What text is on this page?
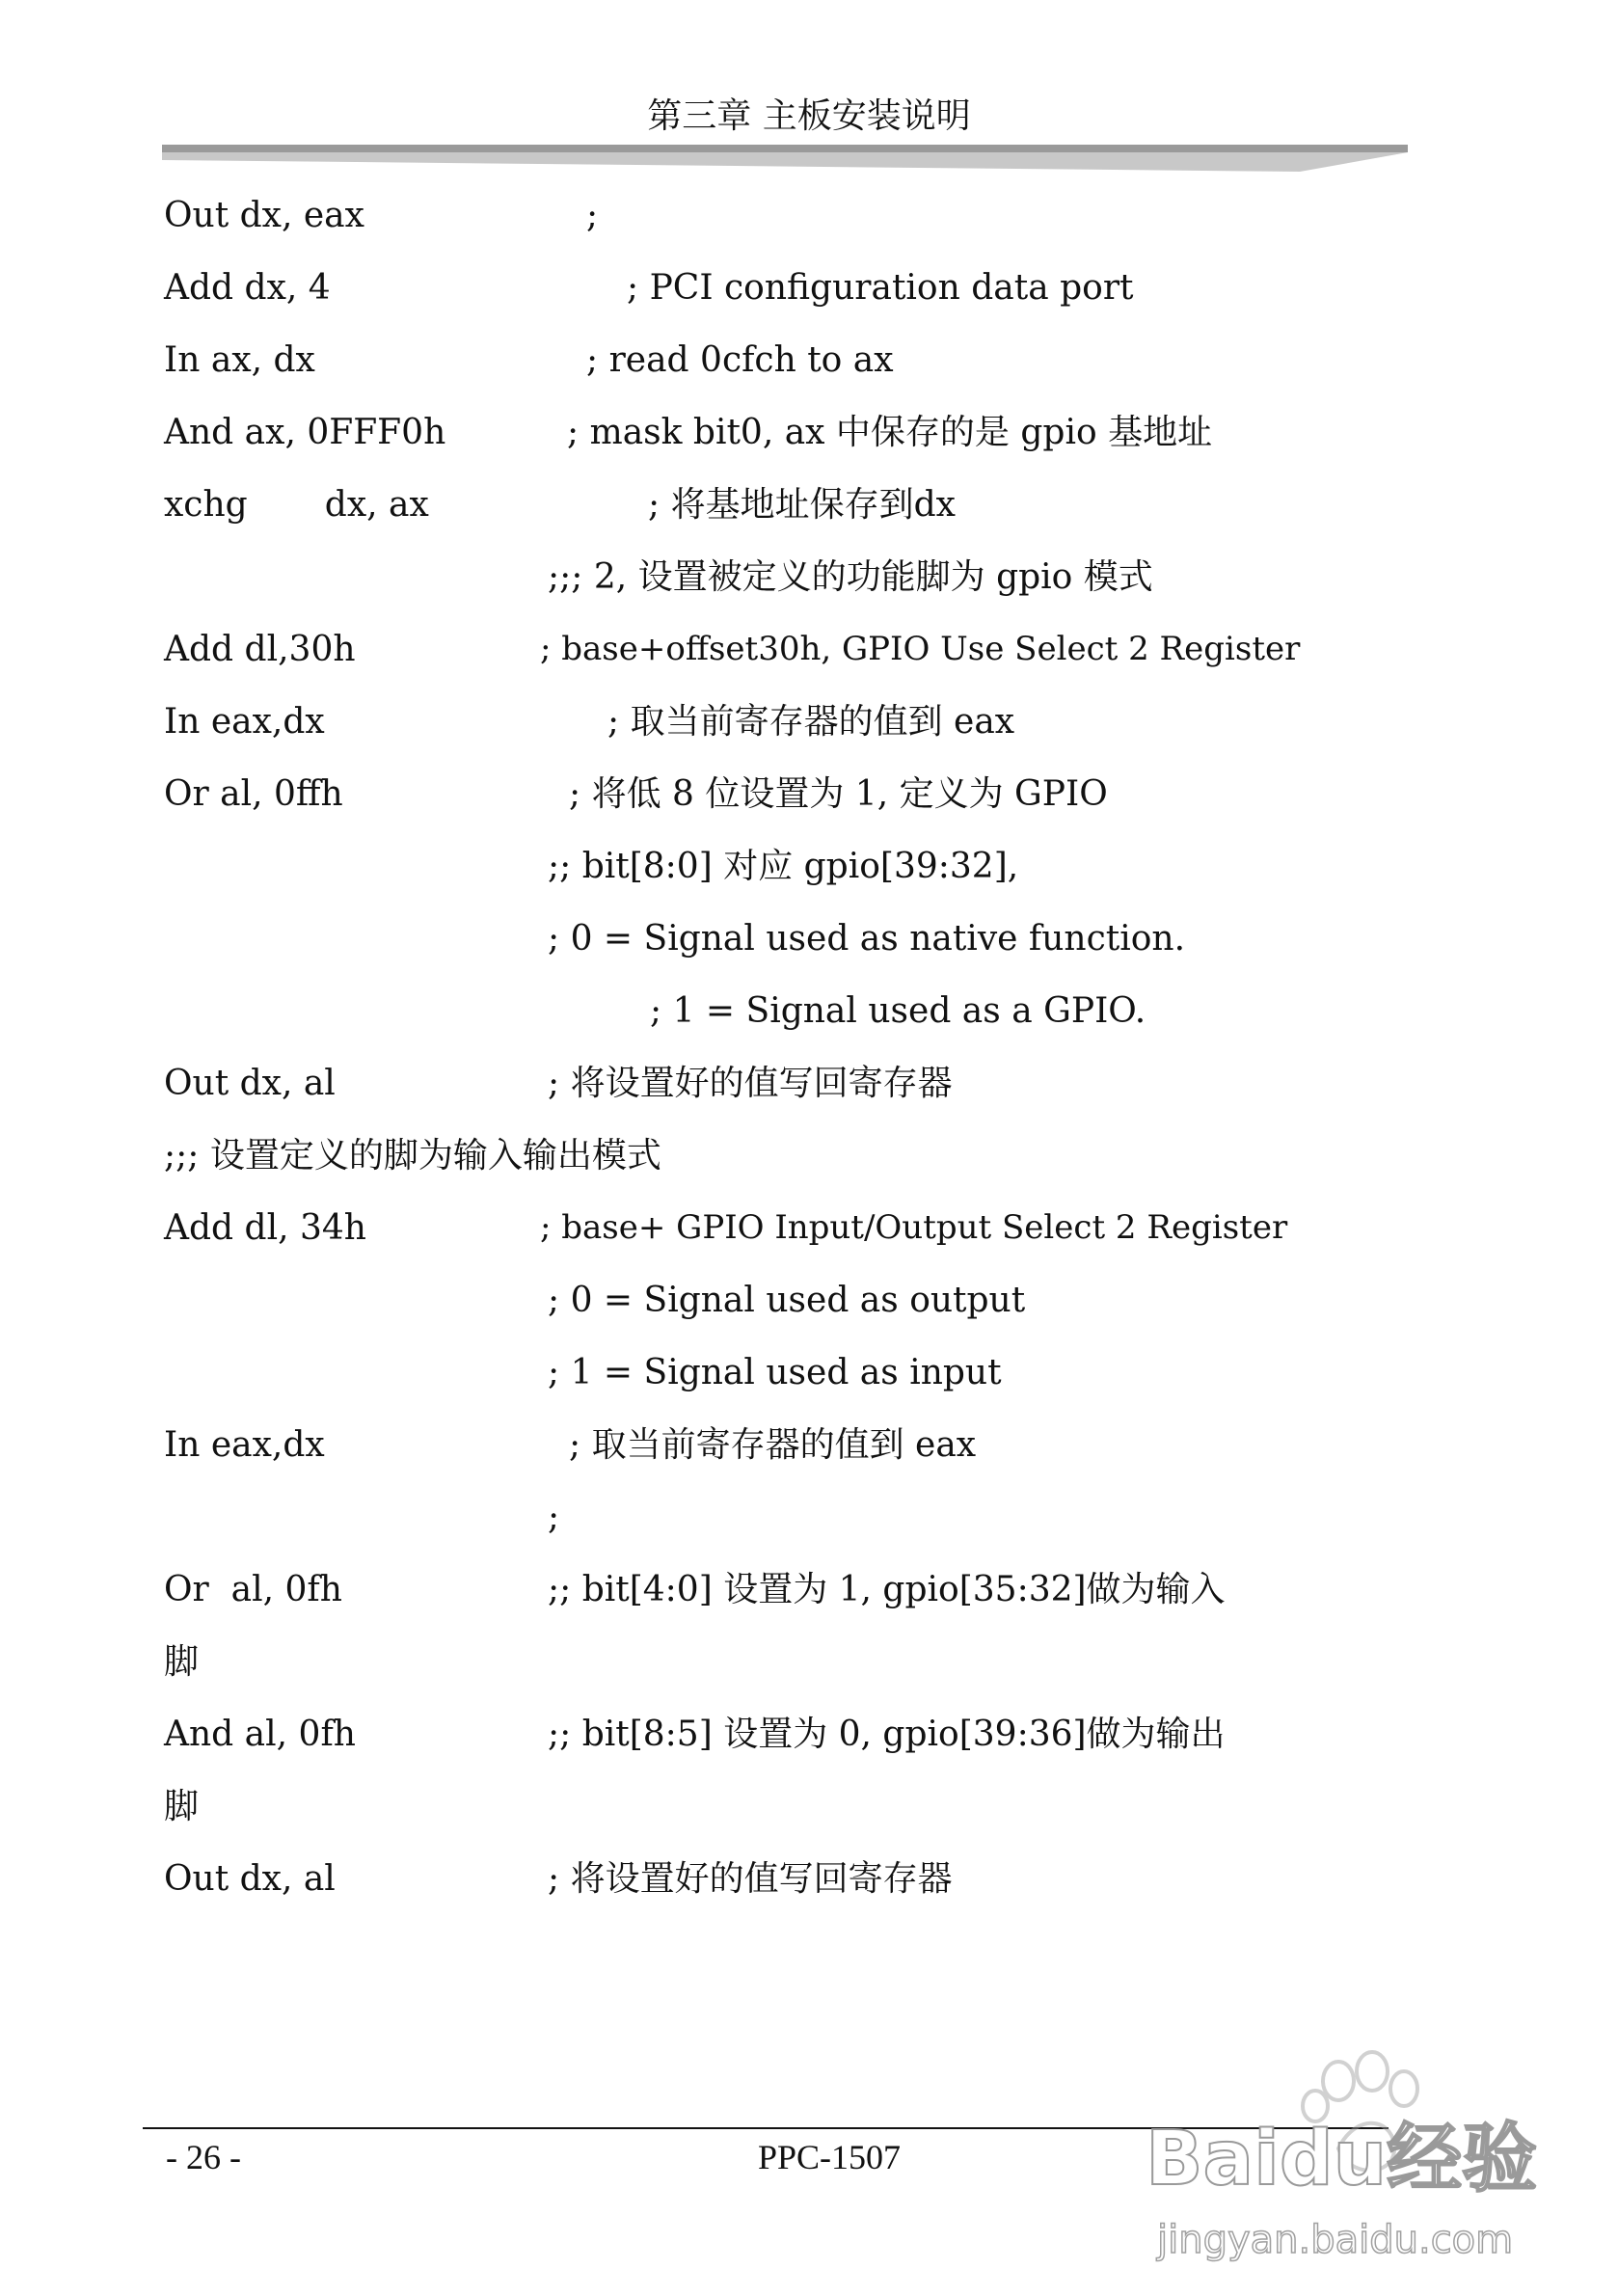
第三章 主板安装说明
Out dx, eax	;
Add dx, 4	; PCI configuration data port
In ax, dx	; read 0cfch to ax
And ax, 0FFF0h	; mask bit0, ax 中保存的是 gpio 基地址
xchg       dx, ax	; 将基地址保存到dx
;;; 2, 设置被定义的功能脚为 gpio 模式
Add dl,30h	; base+offset30h, GPIO Use Select 2 Register
In eax,dx	; 取当前寄存器的值到 eax
Or al, 0ffh	; 将低 8 位设置为 1, 定义为 GPIO
;; bit[8:0] 对应 gpio[39:32],
; 0 = Signal used as native function.
; 1 = Signal used as a GPIO.
Out dx, al	; 将设置好的值写回寄存器
;;; 设置定义的脚为输入输出模式
Add dl, 34h	; base+ GPIO Input/Output Select 2 Register
; 0 = Signal used as output
; 1 = Signal used as input
In eax,dx	; 取当前寄存器的值到 eax
;
Or  al, 0fh	;; bit[4:0] 设置为 1, gpio[35:32]做为输入
脚
And al, 0fh	;; bit[8:5] 设置为 0, gpio[39:36]做为输出
脚
Out dx, al	; 将设置好的值写回寄存器
- 26 -	PPC-1507	Baidu经验
jingyan.baidu.com
